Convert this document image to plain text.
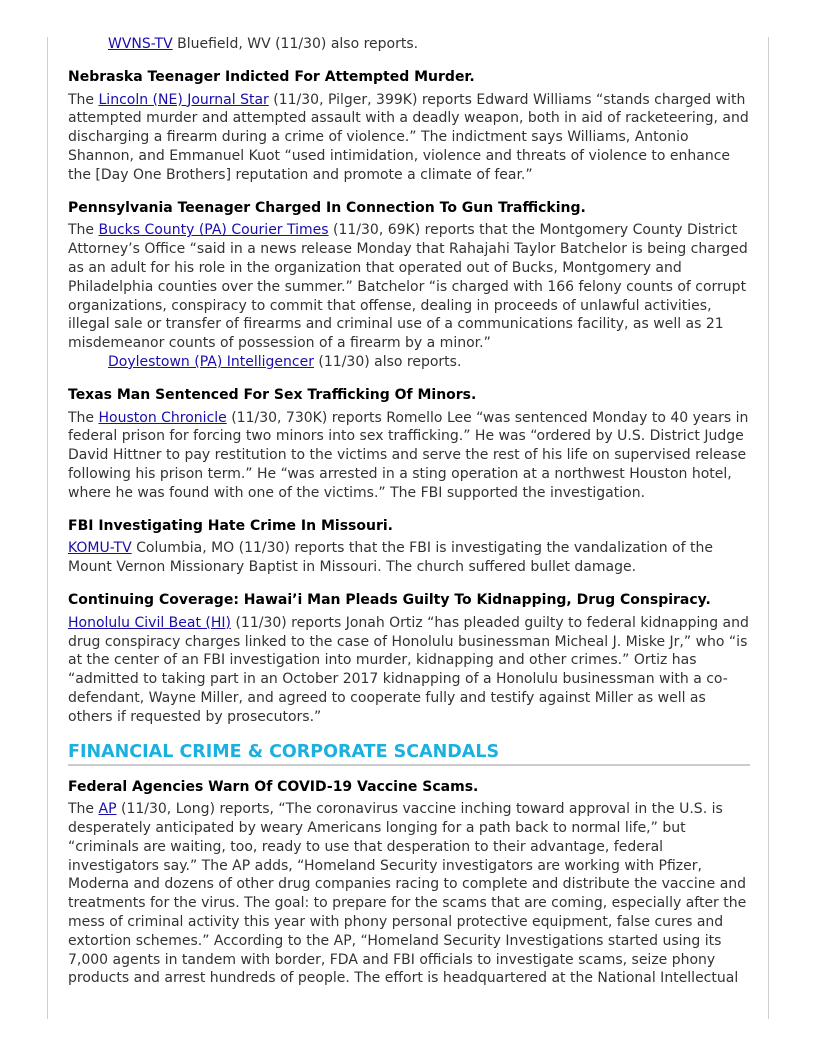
WVNS-TV Bluefield, WV (11/30) also reports.

Nebraska Teenager Indicted For Attempted Murder.

The Lincoln (NE) Journal Star (11/30, Pilger, 399K) reports Edward Williams “stands charged with attempted murder and attempted assault with a deadly weapon, both in aid of racketeering, and discharging a firearm during a crime of violence.” The indictment says Williams, Antonio Shannon, and Emmanuel Kuot “used intimidation, violence and threats of violence to enhance the [Day One Brothers] reputation and promote a climate of fear.”

Pennsylvania Teenager Charged In Connection To Gun Trafficking.

The Bucks County (PA) Courier Times (11/30, 69K) reports that the Montgomery County District Attorney’s Office “said in a news release Monday that Rahajahi Taylor Batchelor is being charged as an adult for his role in the organization that operated out of Bucks, Montgomery and Philadelphia counties over the summer.” Batchelor “is charged with 166 felony counts of corrupt organizations, conspiracy to commit that offense, dealing in proceeds of unlawful activities, illegal sale or transfer of firearms and criminal use of a communications facility, as well as 21 misdemeanor counts of possession of a firearm by a minor.”

Doylestown (PA) Intelligencer (11/30) also reports.

Texas Man Sentenced For Sex Trafficking Of Minors.

The Houston Chronicle (11/30, 730K) reports Romello Lee “was sentenced Monday to 40 years in federal prison for forcing two minors into sex trafficking.” He was “ordered by U.S. District Judge David Hittner to pay restitution to the victims and serve the rest of his life on supervised release following his prison term.” He “was arrested in a sting operation at a northwest Houston hotel, where he was found with one of the victims.” The FBI supported the investigation.

FBI Investigating Hate Crime In Missouri.

KOMU-TV Columbia, MO (11/30) reports that the FBI is investigating the vandalization of the Mount Vernon Missionary Baptist in Missouri. The church suffered bullet damage.

Continuing Coverage: Hawai’i Man Pleads Guilty To Kidnapping, Drug Conspiracy.

Honolulu Civil Beat (HI) (11/30) reports Jonah Ortiz “has pleaded guilty to federal kidnapping and drug conspiracy charges linked to the case of Honolulu businessman Micheal J. Miske Jr,” who “is at the center of an FBI investigation into murder, kidnapping and other crimes.” Ortiz has “admitted to taking part in an October 2017 kidnapping of a Honolulu businessman with a co-defendant, Wayne Miller, and agreed to cooperate fully and testify against Miller as well as others if requested by prosecutors.”

FINANCIAL CRIME & CORPORATE SCANDALS
Federal Agencies Warn Of COVID-19 Vaccine Scams.

The AP (11/30, Long) reports, “The coronavirus vaccine inching toward approval in the U.S. is desperately anticipated by weary Americans longing for a path back to normal life,” but “criminals are waiting, too, ready to use that desperation to their advantage, federal investigators say.” The AP adds, “Homeland Security investigators are working with Pfizer, Moderna and dozens of other drug companies racing to complete and distribute the vaccine and treatments for the virus. The goal: to prepare for the scams that are coming, especially after the mess of criminal activity this year with phony personal protective equipment, false cures and extortion schemes.” According to the AP, “Homeland Security Investigations started using its 7,000 agents in tandem with border, FDA and FBI officials to investigate scams, seize phony products and arrest hundreds of people. The effort is headquartered at the National Intellectual
